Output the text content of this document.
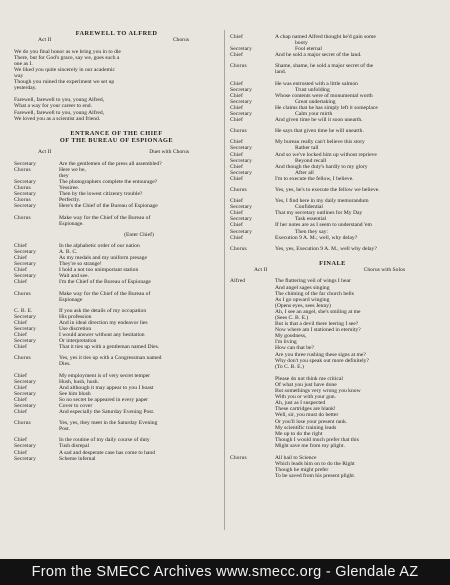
FAREWELL TO ALFRED
Act II	Chorus
We do you final honor as we bring you in to die
There, but for God's grace, say we, goes such a
one as I.
We liked you quite sincerely in our academic
way
Though you ruined the experiment we set up
yesterday.
Farewell, farewell to you, young Alfred,
What a way for your career to end.
Farewell, farewell to you, young Alfred,
We loved you as a scientist and friend.
ENTRANCE OF THE CHIEF
OF THE BUREAU OF ESPIONAGE
Act II	Duet with Chorus
Secretary	Are the gentlemen of the press all assembled?
Chorus	Here we be,
they
Secretary	The photographers complete the entourage?
Chorus	Yessiree.
Secretary	Then by the lowest citizenry trouble?
Chorus	Perfectly.
Secretary	Here's the Chief of the Bureau of Espionage
Chorus	Make way for the Chief of the Bureau of
Espionage.
(Enter Chief)
Chief	In the alphabetic order of our nation
Secretary	A. B. C.
Chief	As my medals and my uniform presage
Secretary	They're so strange!
Chief	I hold a not too unimportant station
Secretary	Wait and see.
Chief	I'm the Chief of the Bureau of Espionage
Chorus	Make way for the Chief of the Bureau of
Espionage
C. B. E.	If you ask the details of my occupation
Secretary	His profession
Chief	And in ideal direction my endeavor lies
Secretary	Use discretion
Chief	I would answer without any hesitation
Secretary	Or interpretation
Chief	That it ties up with a gentleman named Dies.
Chorus	Yes, yes it ties up with a Congressman named
Dies.
Chief	My employment is of very secret temper
Secretary	Hush, hush, hush.
Chief	And although it may appear to you I boast
Secretary	See him blush
Chief	So no secret be appeared in every paper
Secretary	Cover to cover
Chief	And especially the Saturday Evening Post.
Chorus	Yes, yes, they meet in the Saturday Evening
Post.
Chief	In the routine of my daily course of duty
Secretary	Tush disrepal
Chief	A sad and desperate case has come to hand
Secretary	Scheme infernal
Chief	A chap named Alfred thought he'd gain some
booty
Secretary	Fool eternal
Chief	And he sold a major secret of the land.
Chorus	Shame, shame, he sold a major secret of the
land.
Chief	He was entrusted with a little salmon
Secretary	Trust unfolding
Chief	Whose contents were of monumental worth
Secretary	Great undertaking
Chief	He claims that he has simply left it someplace
Secretary	Calm your mirth
Chief	And given time he will it soon unearth.
Chorus	He says that given time he will unearth.
Chief	My bureau really can't believe this story
Secretary	Rather tall
Chief	And so we've locked him up without reprieve
Secretary	Beyond recall
Chief	And though the duty's hardly to my glory
Secretary	After all
Chief	I'm to execute the fellow, I believe.
Chorus	Yes, yes, he's to execute the fellow we believe.
Chief	Yes, I find here in my daily memorandum
Secretary	Confidential
Chief	That my secretary outlines for My Day
Secretary	Task essential
Chief	If her notes are as I seem to understand 'em
Secretary	Then they say:
Chief	Execution 9 A. M.; well, why delay?
Chorus	Yes, yes, Execution 9 A. M., well why delay?
FINALE
Act II	Chorus with Solos
Alfred	The fluttering veil of wings I hear
And angel sages singing
The chiming of the far church bells
As I go upward winging
(Opens eyes, sees Jenny)
Ah, I see an angel, she's smiling at me
(Sees C. B. E.)
But is that a devil there leering I see?
Now where am I stationed in eternity?
My goodness,
I'm living
How can that be?
Are you three rushing these signs at me?
Why don't you speak out more definitely?
(To C. B. E.)
Please do not think me critical
Of what you just have done
But somethings very wrong you know
With you or with your gun.
Ah, just as I suspected
These cartridges are blank!
Well, sir, you must do better
Or you'll lose your present rank.
My scientific training leads
Me up to do the right
Though I would much prefer that this
Might save me from my plight.
Chorus	All hail to Science
Which leads him on to do the Right
Though he might prefer
To be saved from his present plight.
From the SMECC Archives www.smecc.org - Glendale AZ
